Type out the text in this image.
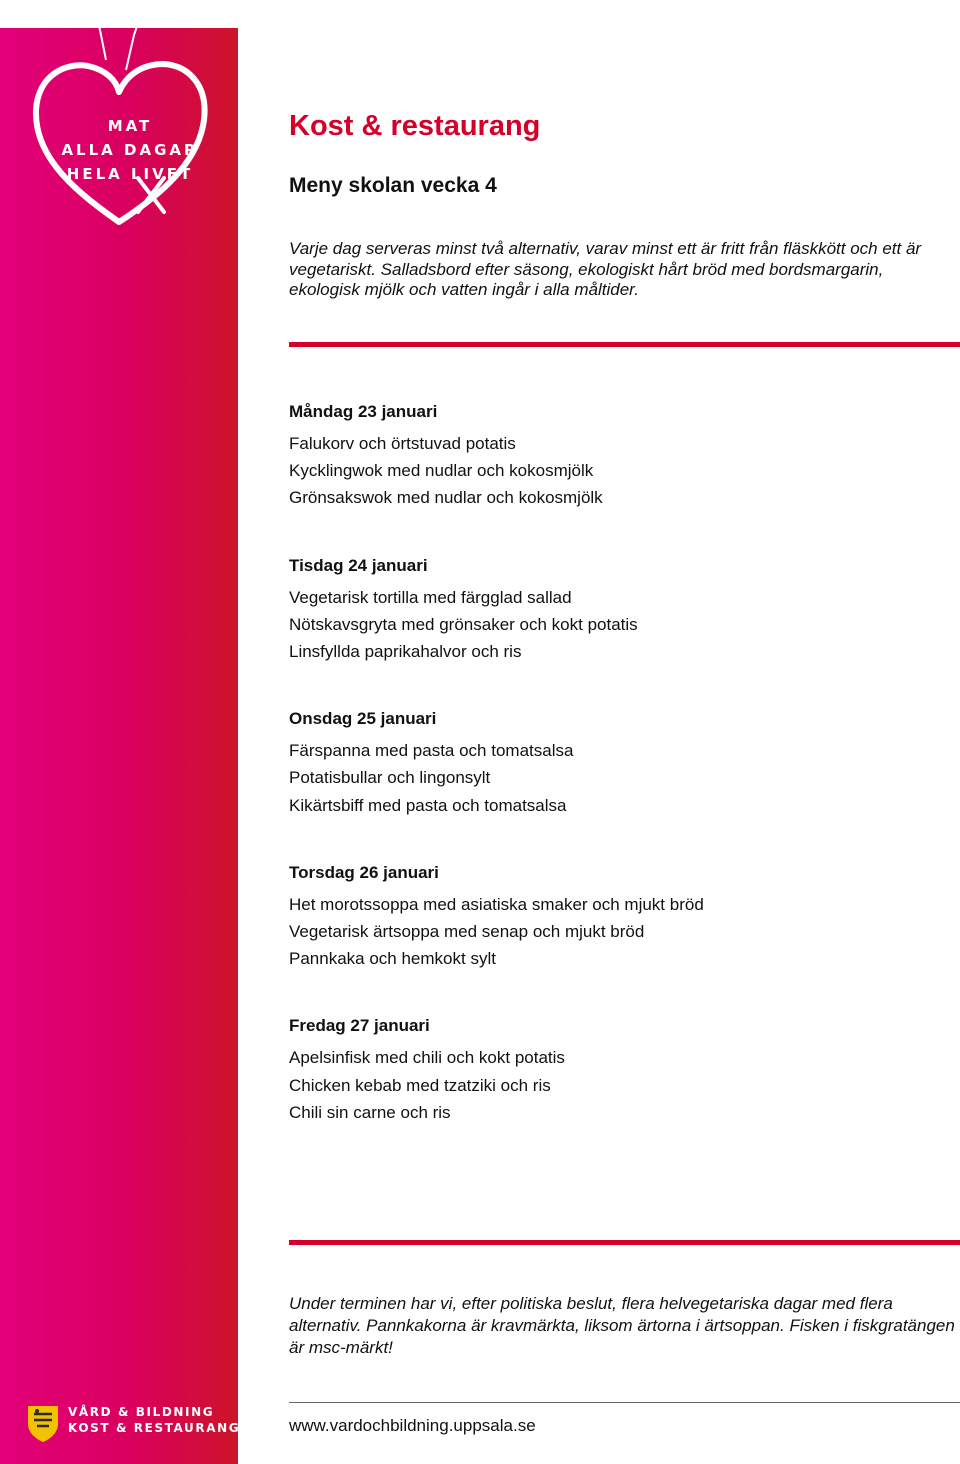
MAT
ALLA DAGAR
HELA LIVET
VÅRD & BILDNING
KOST & RESTAURANG
Kost & restaurang
Meny skolan vecka 4

Varje dag serveras minst två alternativ, varav minst ett är fritt från fläskkött och ett är vegetariskt. Salladsbord efter säsong, ekologiskt hårt bröd med bordsmargarin, ekologisk mjölk och vatten ingår i alla måltider.

Måndag 23 januari
Falukorv och örtstuvad potatis
Kycklingwok med nudlar och kokosmjölk
Grönsakswok med nudlar och kokosmjölk
Tisdag 24 januari
Vegetarisk tortilla med färgglad sallad
Nötskavsgryta med grönsaker och kokt potatis
Linsfyllda paprikahalvor och ris
Onsdag 25 januari
Färspanna med pasta och tomatsalsa
Potatisbullar och lingonsylt
Kikärtsbiff med pasta och tomatsalsa
Torsdag 26 januari
Het morotssoppa med asiatiska smaker och mjukt bröd
Vegetarisk ärtsoppa med senap och mjukt bröd
Pannkaka och hemkokt sylt
Fredag 27 januari
Apelsinfisk med chili och kokt potatis
Chicken kebab med tzatziki och ris
Chili sin carne och ris

Under terminen har vi, efter politiska beslut, flera helvegetariska dagar med flera alternativ. Pannkakorna är kravmärkta, liksom ärtorna i ärtsoppan. Fisken i fiskgratängen är msc-märkt!

www.vardochbildning.uppsala.se
